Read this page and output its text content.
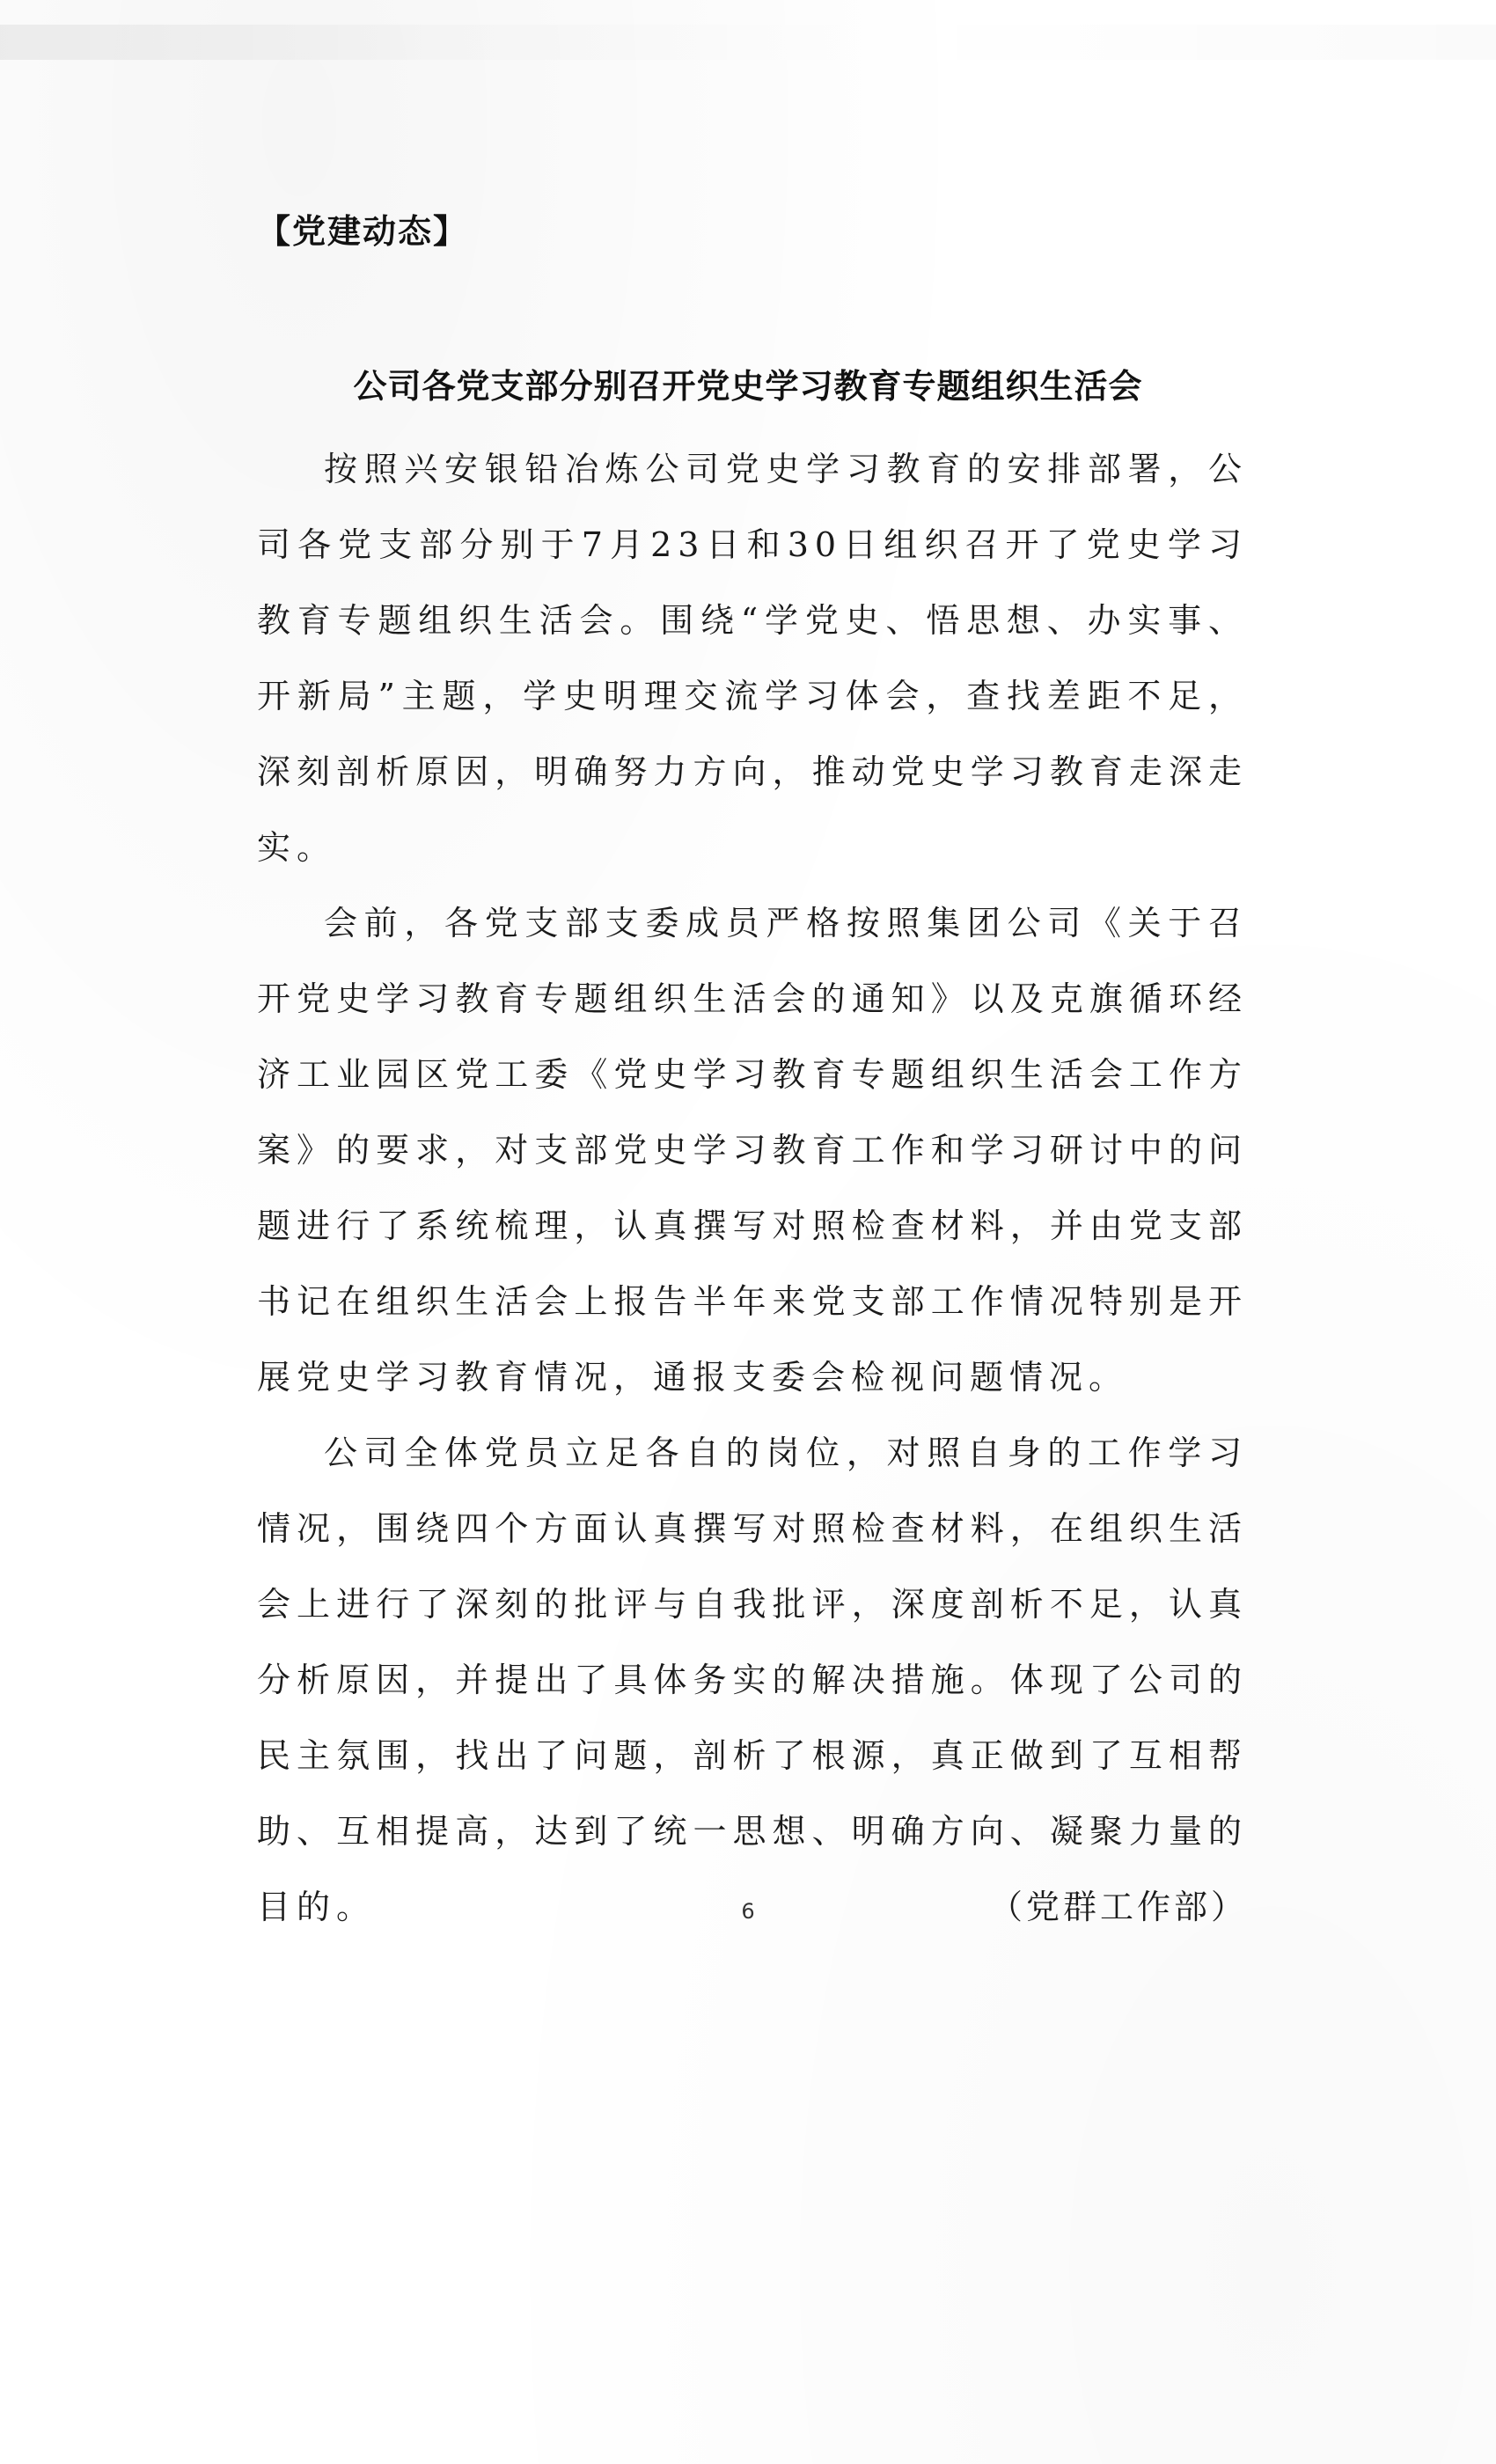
【党建动态】
公司各党支部分别召开党史学习教育专题组织生活会

按照兴安银铅冶炼公司党史学习教育的安排部署，公司各党支部分别于7月23日和30日组织召开了党史学习教育专题组织生活会。围绕“学党史、悟思想、办实事、开新局”主题，学史明理交流学习体会，查找差距不足，深刻剖析原因，明确努力方向，推动党史学习教育走深走实。

会前，各党支部支委成员严格按照集团公司《关于召开党史学习教育专题组织生活会的通知》以及克旗循环经济工业园区党工委《党史学习教育专题组织生活会工作方案》的要求，对支部党史学习教育工作和学习研讨中的问题进行了系统梳理，认真撰写对照检查材料，并由党支部书记在组织生活会上报告半年来党支部工作情况特别是开展党史学习教育情况，通报支委会检视问题情况。

公司全体党员立足各自的岗位，对照自身的工作学习情况，围绕四个方面认真撰写对照检查材料，在组织生活会上进行了深刻的批评与自我批评，深度剖析不足，认真分析原因，并提出了具体务实的解决措施。体现了公司的民主氛围，找出了问题，剖析了根源，真正做到了互相帮助、互相提高，达到了统一思想、明确方向、凝聚力量的目的。	（党群工作部）
6
